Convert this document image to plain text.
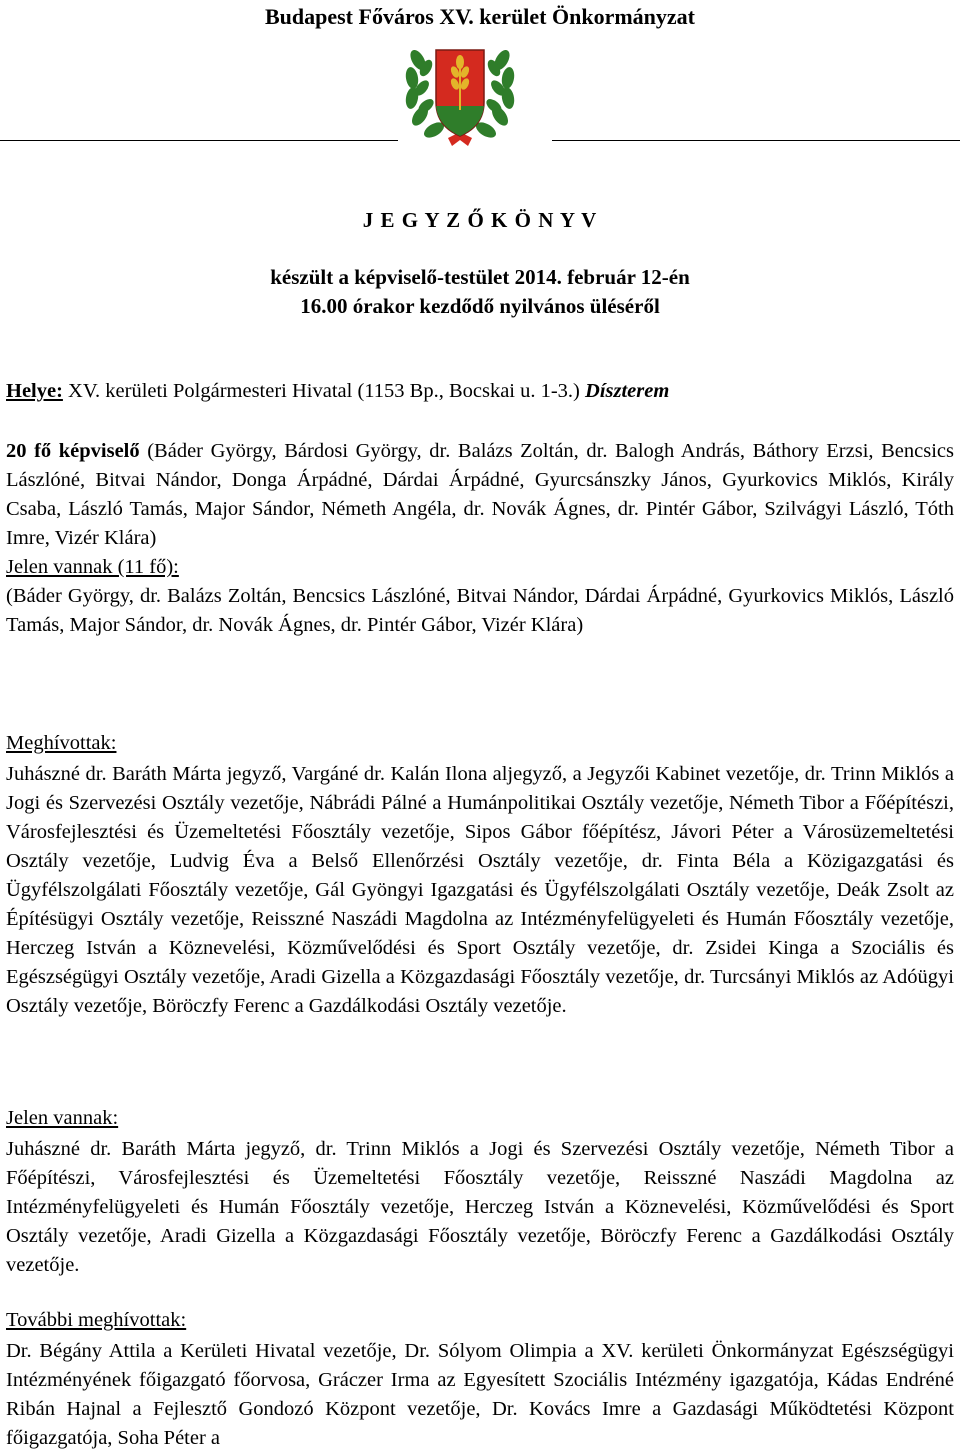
Budapest Főváros XV. kerület Önkormányzat
J E G Y Z Ő K Ö N Y V
készült a képviselő-testület 2014. február 12-én
16.00 órakor kezdődő nyilvános üléséről
Helye: XV. kerületi Polgármesteri Hivatal (1153 Bp., Bocskai u. 1-3.) Díszterem

20 fő képviselő (Báder György, Bárdosi György, dr. Balázs Zoltán, dr. Balogh András, Báthory Erzsi, Bencsics Lászlóné, Bitvai Nándor, Donga Árpádné, Dárdai Árpádné, Gyurcsánszky János, Gyurkovics Miklós, Király Csaba, László Tamás, Major Sándor, Németh Angéla, dr. Novák Ágnes, dr. Pintér Gábor, Szilvágyi László, Tóth Imre, Vizér Klára)

Jelen vannak (11 fő):

(Báder György, dr. Balázs Zoltán, Bencsics Lászlóné, Bitvai Nándor, Dárdai Árpádné, Gyurkovics Miklós, László Tamás, Major Sándor, dr. Novák Ágnes, dr. Pintér Gábor, Vizér Klára)

Meghívottak:
Juhászné dr. Baráth Márta jegyző, Vargáné dr. Kalán Ilona aljegyző, a Jegyzői Kabinet vezetője, dr. Trinn Miklós a Jogi és Szervezési Osztály vezetője, Nábrádi Pálné a Humánpolitikai Osztály vezetője, Németh Tibor a Főépítészi, Városfejlesztési és Üzemeltetési Főosztály vezetője, Sipos Gábor főépítész, Jávori Péter a Városüzemeltetési Osztály vezetője, Ludvig Éva a Belső Ellenőrzési Osztály vezetője, dr. Finta Béla a Közigazgatási és Ügyfélszolgálati Főosztály vezetője, Gál Gyöngyi Igazgatási és Ügyfélszolgálati Osztály vezetője, Deák Zsolt az Építésügyi Osztály vezetője, Reisszné Naszádi Magdolna az Intézményfelügyeleti és Humán Főosztály vezetője, Herczeg István a Köznevelési, Közművelődési és Sport Osztály vezetője, dr. Zsidei Kinga a Szociális és Egészségügyi Osztály vezetője, Aradi Gizella a Közgazdasági Főosztály vezetője, dr. Turcsányi Miklós az Adóügyi Osztály vezetője, Böröczfy Ferenc a Gazdálkodási Osztály vezetője.
Jelen vannak:
Juhászné dr. Baráth Márta jegyző, dr. Trinn Miklós a Jogi és Szervezési Osztály vezetője, Németh Tibor a Főépítészi, Városfejlesztési és Üzemeltetési Főosztály vezetője, Reisszné Naszádi Magdolna az Intézményfelügyeleti és Humán Főosztály vezetője, Herczeg István a Köznevelési, Közművelődési és Sport Osztály vezetője, Aradi Gizella a Közgazdasági Főosztály vezetője, Böröczfy Ferenc a Gazdálkodási Osztály vezetője.
További meghívottak:
Dr. Bégány Attila a Kerületi Hivatal vezetője, Dr. Sólyom Olimpia a XV. kerületi Önkormányzat Egészségügyi Intézményének főigazgató főorvosa, Gráczer Irma az Egyesített Szociális Intézmény igazgatója, Kádas Endréné Ribán Hajnal a Fejlesztő Gondozó Központ vezetője, Dr. Kovács Imre a Gazdasági Működtetési Központ főigazgatója, Soha Péter a
